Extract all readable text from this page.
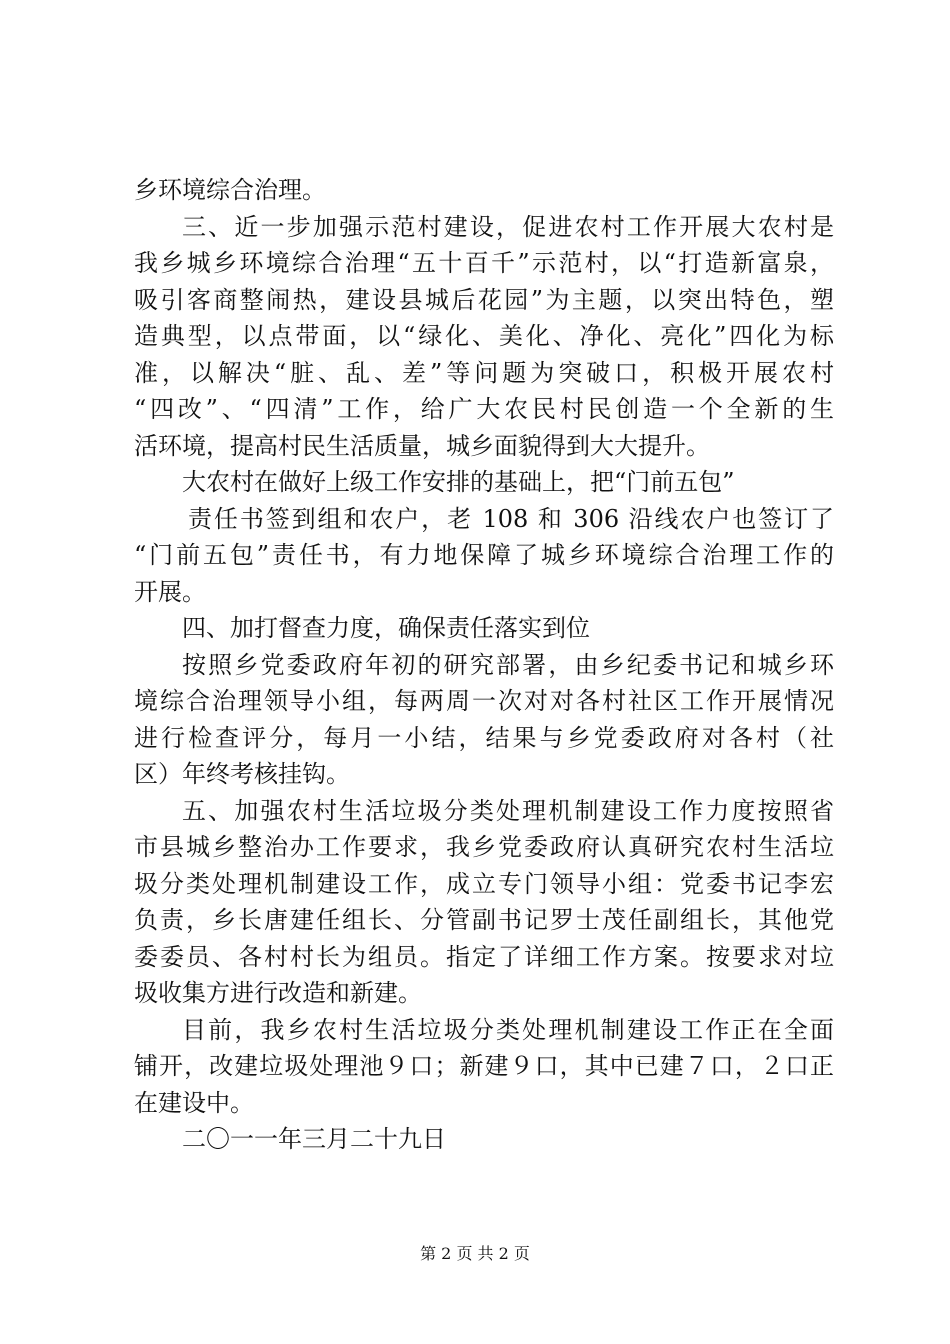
乡环境综合治理。
三、近一步加强示范村建设，促进农村工作开展大农村是
我乡城乡环境综合治理“五十百千”示范村，以“打造新富泉，
吸引客商整闹热，建设县城后花园”为主题，以突出特色，塑
造典型，以点带面，以“绿化、美化、净化、亮化”四化为标
准，以解决“脏、乱、差”等问题为突破口，积极开展农村
“四改”、“四清”工作，给广大农民村民创造一个全新的生
活环境，提高村民生活质量，城乡面貌得到大大提升。
大农村在做好上级工作安排的基础上，把“门前五包”
责任书签到组和农户，老 108 和 306 沿线农户也签订了
“门前五包”责任书，有力地保障了城乡环境综合治理工作的
开展。
四、加打督查力度，确保责任落实到位
按照乡党委政府年初的研究部署，由乡纪委书记和城乡环
境综合治理领导小组，每两周一次对对各村社区工作开展情况
进行检查评分，每月一小结，结果与乡党委政府对各村（社
区）年终考核挂钩。
五、加强农村生活垃圾分类处理机制建设工作力度按照省
市县城乡整治办工作要求，我乡党委政府认真研究农村生活垃
圾分类处理机制建设工作，成立专门领导小组：党委书记李宏
负责，乡长唐建任组长、分管副书记罗士茂任副组长，其他党
委委员、各村村长为组员。指定了详细工作方案。按要求对垃
圾收集方进行改造和新建。
目前，我乡农村生活垃圾分类处理机制建设工作正在全面
铺开，改建垃圾处理池９口；新建９口，其中已建７口，２口正
在建设中。
二〇一一年三月二十九日
第 2 页 共 2 页
